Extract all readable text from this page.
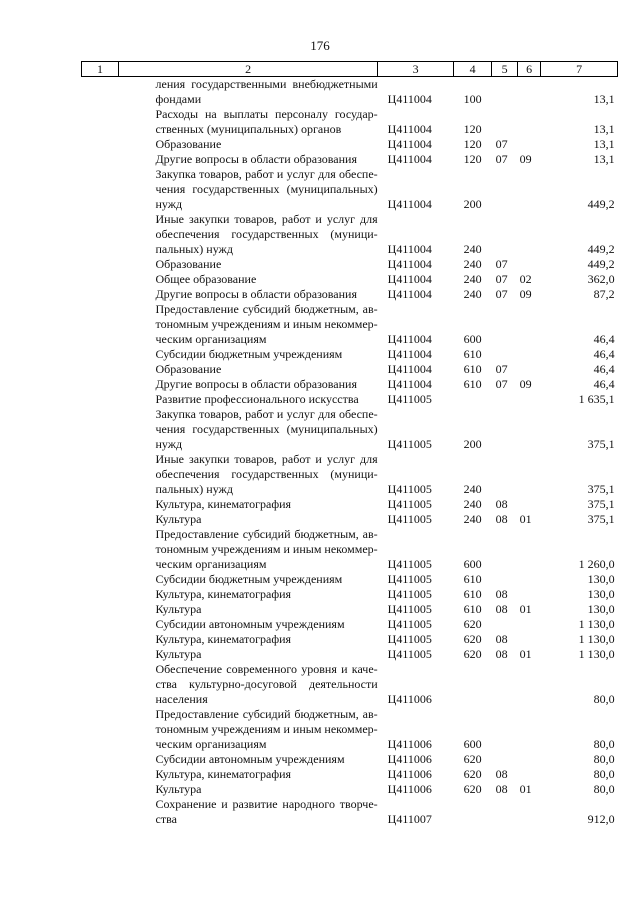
176
1	2	3	4	5	6	7

	ления государственными внебюджетными
фондами	Ц411004	100			13,1

	Расходы на выплаты персоналу государ-
ственных (муниципальных) органов	Ц411004	120			13,1

	Образование	Ц411004	120	07		13,1

	Другие вопросы в области образования	Ц411004	120	07	09	13,1

	Закупка товаров, работ и услуг для обеспе-
чения государственных (муниципальных)
нужд	Ц411004	200			449,2

	Иные закупки товаров, работ и услуг для
обеспечения государственных (муници-
пальных) нужд	Ц411004	240			449,2

	Образование	Ц411004	240	07		449,2

	Общее образование	Ц411004	240	07	02	362,0

	Другие вопросы в области образования	Ц411004	240	07	09	87,2

	Предоставление субсидий бюджетным, ав-
тономным учреждениям и иным некоммер-
ческим организациям	Ц411004	600			46,4

	Субсидии бюджетным учреждениям	Ц411004	610			46,4

	Образование	Ц411004	610	07		46,4

	Другие вопросы в области образования	Ц411004	610	07	09	46,4

	Развитие профессионального искусства	Ц411005				1 635,1

	Закупка товаров, работ и услуг для обеспе-
чения государственных (муниципальных)
нужд	Ц411005	200			375,1

	Иные закупки товаров, работ и услуг для
обеспечения государственных (муници-
пальных) нужд	Ц411005	240			375,1

	Культура, кинематография	Ц411005	240	08		375,1

	Культура	Ц411005	240	08	01	375,1

	Предоставление субсидий бюджетным, ав-
тономным учреждениям и иным некоммер-
ческим организациям	Ц411005	600			1 260,0

	Субсидии бюджетным учреждениям	Ц411005	610			130,0

	Культура, кинематография	Ц411005	610	08		130,0

	Культура	Ц411005	610	08	01	130,0

	Субсидии автономным учреждениям	Ц411005	620			1 130,0

	Культура, кинематография	Ц411005	620	08		1 130,0

	Культура	Ц411005	620	08	01	1 130,0

	Обеспечение современного уровня и каче-
ства культурно-досуговой деятельности
населения	Ц411006				80,0

	Предоставление субсидий бюджетным, ав-
тономным учреждениям и иным некоммер-
ческим организациям	Ц411006	600			80,0

	Субсидии автономным учреждениям	Ц411006	620			80,0

	Культура, кинематография	Ц411006	620	08		80,0

	Культура	Ц411006	620	08	01	80,0

	Сохранение и развитие народного творче-
ства	Ц411007				912,0
